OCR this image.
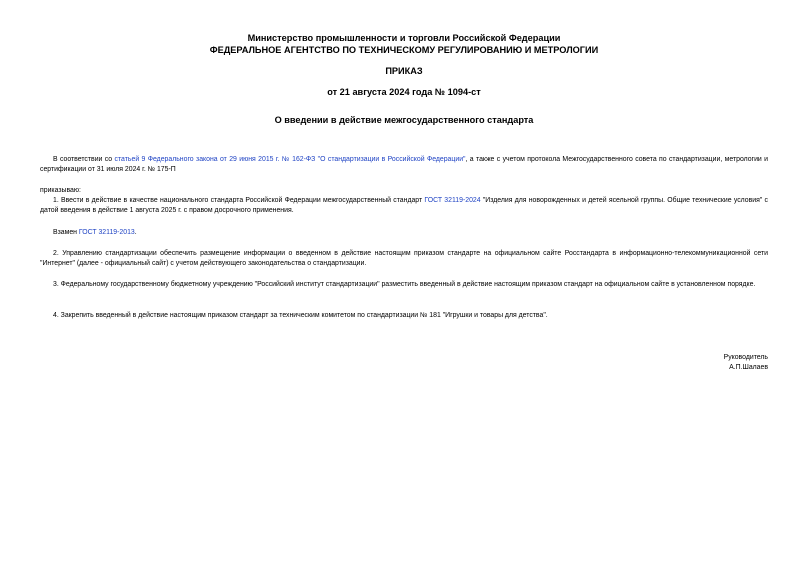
Министерство промышленности и торговли Российской Федерации
ФЕДЕРАЛЬНОЕ АГЕНТСТВО ПО ТЕХНИЧЕСКОМУ РЕГУЛИРОВАНИЮ И МЕТРОЛОГИИ
ПРИКАЗ
от 21 августа 2024 года № 1094-ст
О введении в действие межгосударственного стандарта
В соответствии со статьей 9 Федерального закона от 29 июня 2015 г. № 162-ФЗ "О стандартизации в Российской Федерации", а также с учетом протокола Межгосударственного совета по стандартизации, метрологии и сертификации от 31 июля 2024 г. № 175-П
приказываю:
1. Ввести в действие в качестве национального стандарта Российской Федерации межгосударственный стандарт ГОСТ 32119-2024 "Изделия для новорожденных и детей ясельной группы. Общие технические условия" с датой введения в действие 1 августа 2025 г. с правом досрочного применения.
Взамен ГОСТ 32119-2013.
2. Управлению стандартизации обеспечить размещение информации о введенном в действие настоящим приказом стандарте на официальном сайте Росстандарта в информационно-телекоммуникационной сети "Интернет" (далее - официальный сайт) с учетом действующего законодательства о стандартизации.
3. Федеральному государственному бюджетному учреждению "Российский институт стандартизации" разместить введенный в действие настоящим приказом стандарт на официальном сайте в установленном порядке.
4. Закрепить введенный в действие настоящим приказом стандарт за техническим комитетом по стандартизации № 181 "Игрушки и товары для детства".
Руководитель
А.П.Шалаев
